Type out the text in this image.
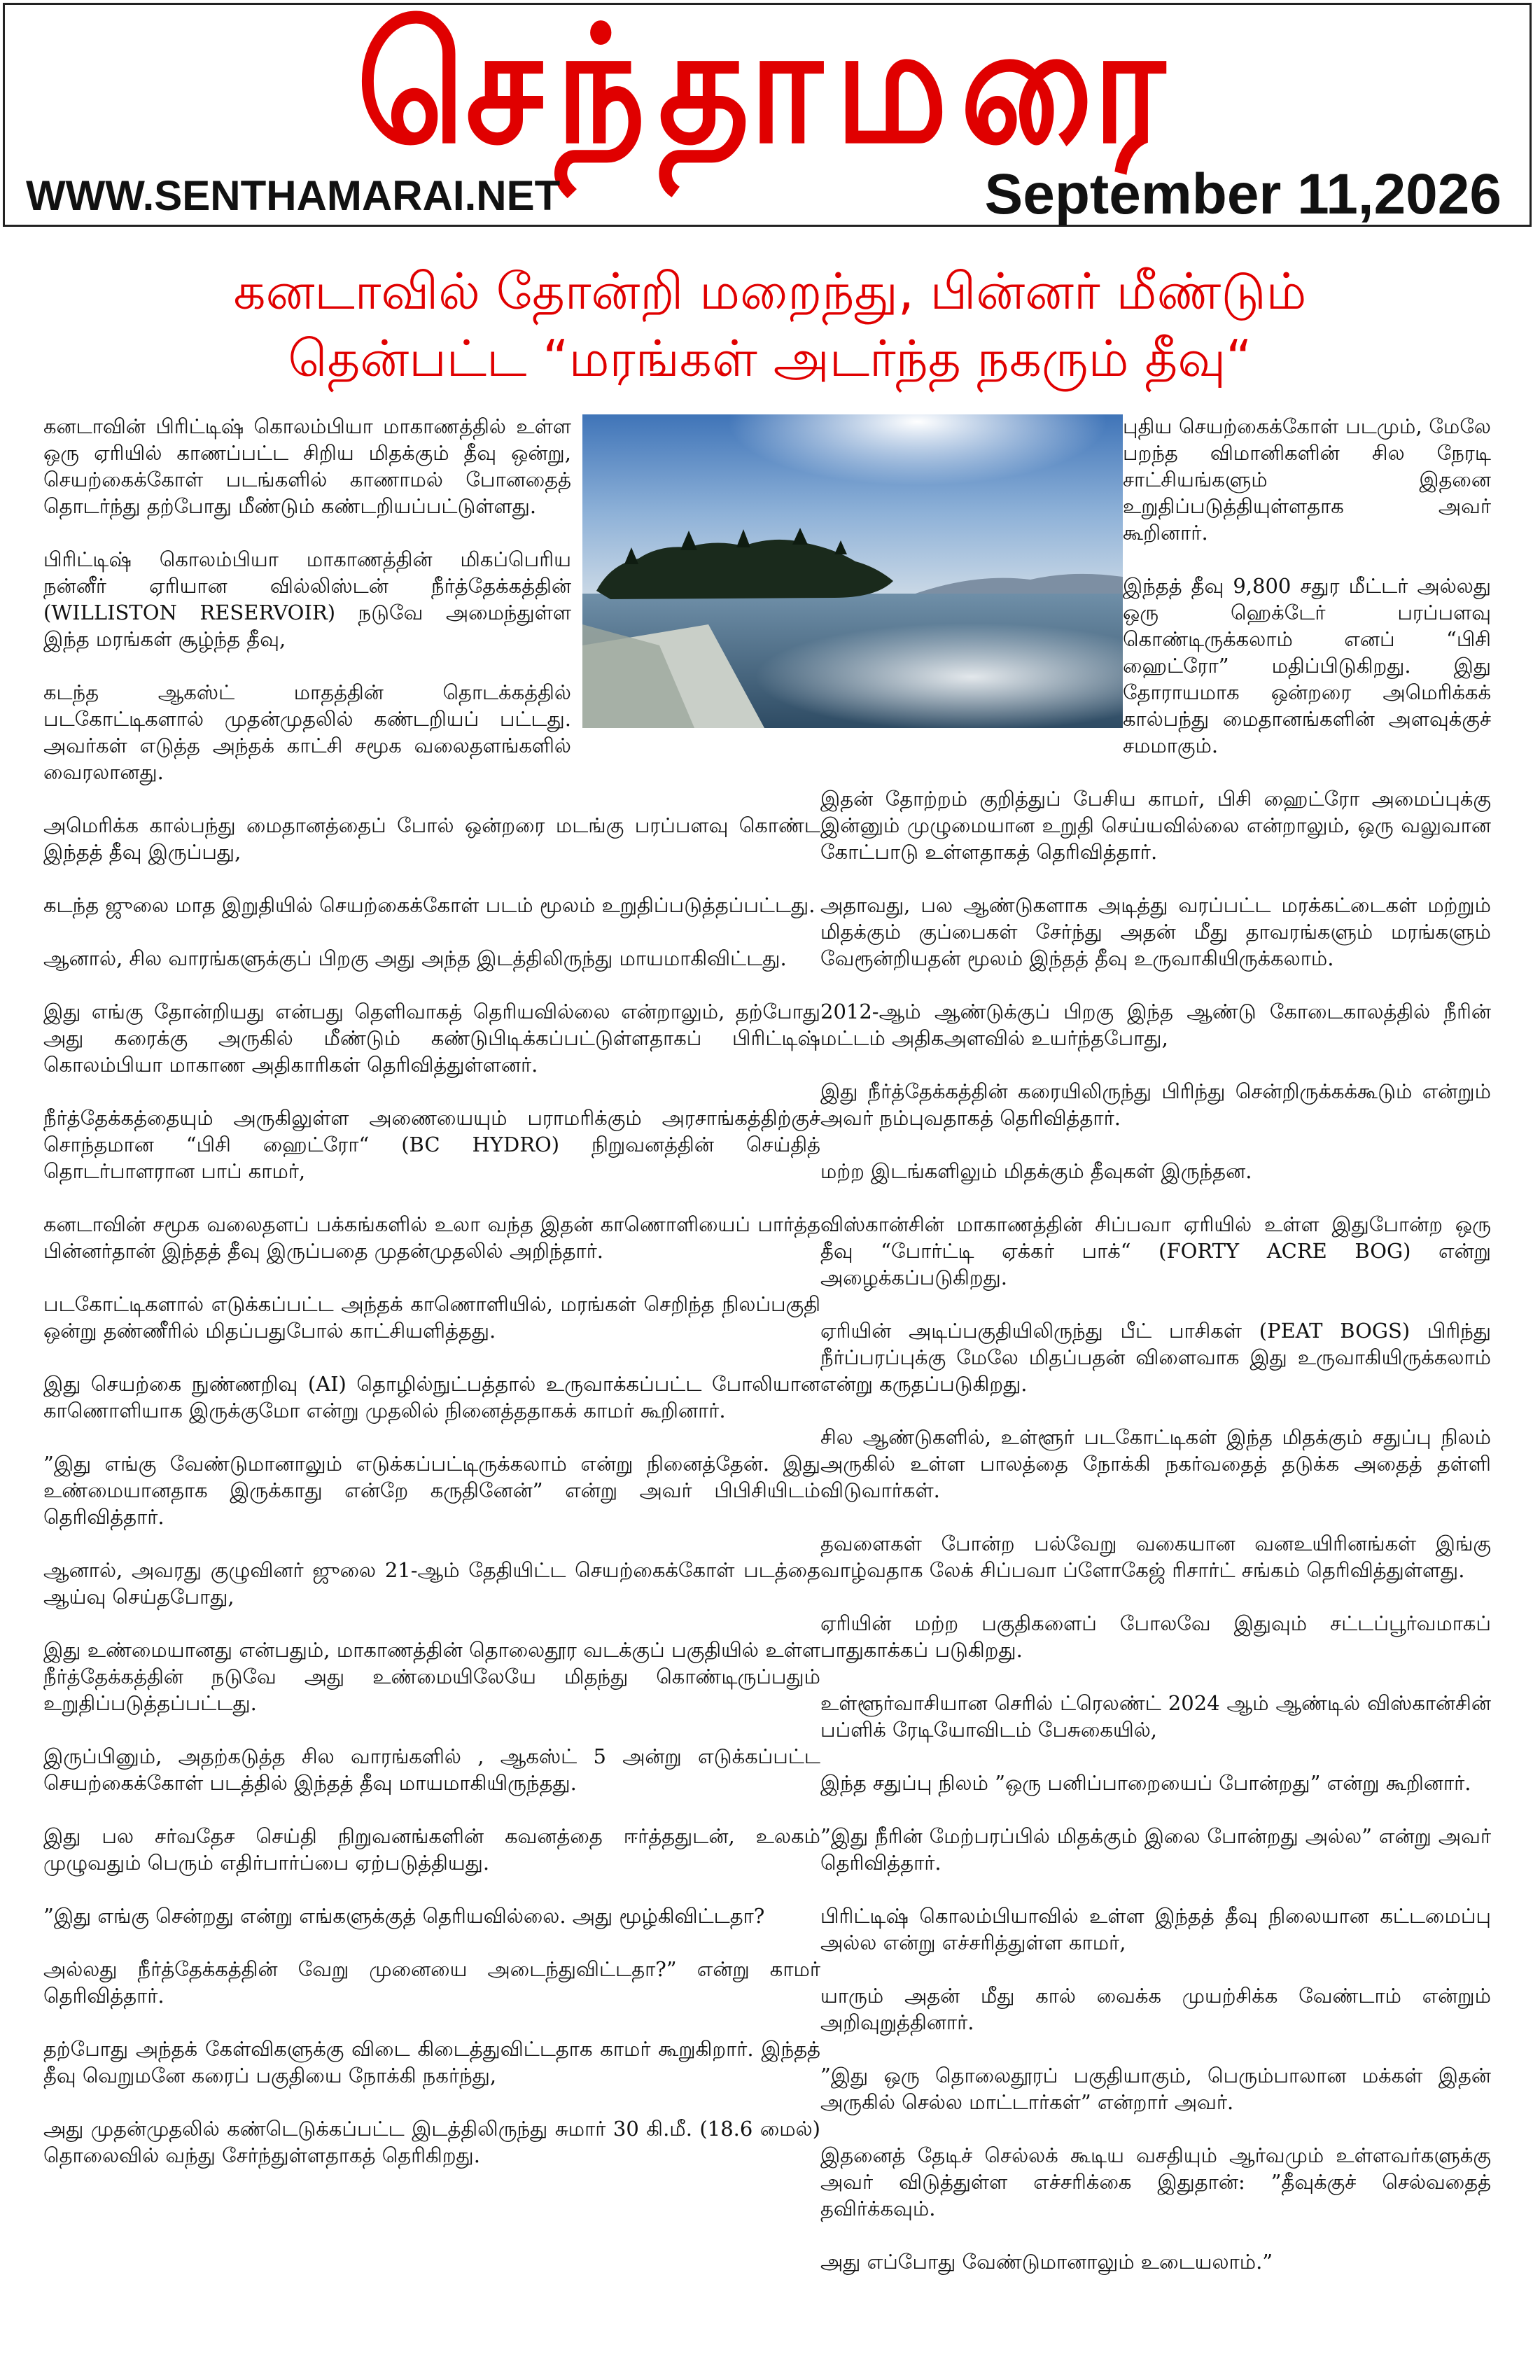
செந்தாமரை
WWW.SENTHAMARAI.NET	September 11,2026
கனடாவில் தோன்றி மறைந்து, பின்னர் மீண்டும்
தென்பட்ட “மரங்கள் அடர்ந்த நகரும் தீவு“

கனடாவின் பிரிட்டிஷ் கொலம்பியா மாகாணத்தில் உள்ள ஒரு ஏரியில் காணப்பட்ட சிறிய மிதக்கும் தீவு ஒன்று, செயற்கைக்கோள் படங்களில் காணாமல் போனதைத் தொடர்ந்து தற்போது மீண்டும் கண்டறியப்பட்டுள்ளது.

பிரிட்டிஷ் கொலம்பியா மாகாணத்தின் மிகப்பெரிய நன்னீர் ஏரியான வில்லிஸ்டன் நீர்த்தேக்கத்தின் (WILLISTON RESERVOIR) நடுவே அமைந்துள்ள இந்த மரங்கள் சூழ்ந்த தீவு,

கடந்த ஆகஸ்ட் மாதத்தின் தொடக்கத்தில் படகோட்டிகளால் முதன்முதலில் கண்டறியப் பட்டது. அவர்கள் எடுத்த அந்தக் காட்சி சமூக வலைதளங்களில் வைரலானது.

அமெரிக்க கால்பந்து மைதானத்தைப் போல் ஒன்றரை மடங்கு பரப்பளவு கொண்ட இந்தத் தீவு இருப்பது,

கடந்த ஜுலை மாத இறுதியில் செயற்கைக்கோள் படம் மூலம் உறுதிப்படுத்தப்பட்டது.

ஆனால், சில வாரங்களுக்குப் பிறகு அது அந்த இடத்திலிருந்து மாயமாகிவிட்டது.

இது எங்கு தோன்றியது என்பது தெளிவாகத் தெரியவில்லை என்றாலும், தற்போது அது கரைக்கு அருகில் மீண்டும் கண்டுபிடிக்கப்பட்டுள்ளதாகப் பிரிட்டிஷ் கொலம்பியா மாகாண அதிகாரிகள் தெரிவித்துள்ளனர்.

நீர்த்தேக்கத்தையும் அருகிலுள்ள அணையையும் பராமரிக்கும் அரசாங்கத்திற்குச் சொந்தமான “பிசி ஹைட்ரோ“ (BC HYDRO) நிறுவனத்தின் செய்தித் தொடர்பாளரான பாப் காமர்,

கனடாவின் சமூக வலைதளப் பக்கங்களில் உலா வந்த இதன் காணொளியைப் பார்த்த பின்னர்தான் இந்தத் தீவு இருப்பதை முதன்முதலில் அறிந்தார்.

படகோட்டிகளால் எடுக்கப்பட்ட அந்தக் காணொளியில், மரங்கள் செறிந்த நிலப்பகுதி ஒன்று தண்ணீரில் மிதப்பதுபோல் காட்சியளித்தது.

இது செயற்கை நுண்ணறிவு (AI) தொழில்நுட்பத்தால் உருவாக்கப்பட்ட போலியான காணொளியாக இருக்குமோ என்று முதலில் நினைத்ததாகக் காமர் கூறினார்.

”இது எங்கு வேண்டுமானாலும் எடுக்கப்பட்டிருக்கலாம் என்று நினைத்தேன். இது உண்மையானதாக இருக்காது என்றே கருதினேன்” என்று அவர் பிபிசியிடம் தெரிவித்தார்.

ஆனால், அவரது குழுவினர் ஜுலை 21-ஆம் தேதியிட்ட செயற்கைக்கோள் படத்தை ஆய்வு செய்தபோது,

இது உண்மையானது என்பதும், மாகாணத்தின் தொலைதூர வடக்குப் பகுதியில் உள்ள நீர்த்தேக்கத்தின் நடுவே அது உண்மையிலேயே மிதந்து கொண்டிருப்பதும் உறுதிப்படுத்தப்பட்டது.

இருப்பினும், அதற்கடுத்த சில வாரங்களில் , ஆகஸ்ட் 5 அன்று எடுக்கப்பட்ட செயற்கைக்கோள் படத்தில் இந்தத் தீவு மாயமாகியிருந்தது.

இது பல சர்வதேச செய்தி நிறுவனங்களின் கவனத்தை ஈர்த்ததுடன், உலகம் முழுவதும் பெரும் எதிர்பார்ப்பை ஏற்படுத்தியது.

”இது எங்கு சென்றது என்று எங்களுக்குத் தெரியவில்லை. அது மூழ்கிவிட்டதா?

அல்லது நீர்த்தேக்கத்தின் வேறு முனையை அடைந்துவிட்டதா?” என்று காமர் தெரிவித்தார்.

தற்போது அந்தக் கேள்விகளுக்கு விடை கிடைத்துவிட்டதாக காமர் கூறுகிறார். இந்தத் தீவு வெறுமனே கரைப் பகுதியை நோக்கி நகர்ந்து,

அது முதன்முதலில் கண்டெடுக்கப்பட்ட இடத்திலிருந்து சுமார் 30 கி.மீ. (18.6 மைல்) தொலைவில் வந்து சேர்ந்துள்ளதாகத் தெரிகிறது.

புதிய செயற்கைக்கோள் படமும், மேலே பறந்த விமானிகளின் சில நேரடி சாட்சியங்களும் இதனை உறுதிப்படுத்தியுள்ளதாக அவர் கூறினார்.

இந்தத் தீவு 9,800 சதுர மீட்டர் அல்லது ஒரு ஹெக்டேர் பரப்பளவு கொண்டிருக்கலாம் எனப் “பிசி ஹைட்ரோ” மதிப்பிடுகிறது. இது தோராயமாக ஒன்றரை அமெரிக்கக் கால்பந்து மைதானங்களின் அளவுக்குச் சமமாகும்.

இதன் தோற்றம் குறித்துப் பேசிய காமர், பிசி ஹைட்ரோ அமைப்புக்கு இன்னும் முழுமையான உறுதி செய்யவில்லை என்றாலும், ஒரு வலுவான கோட்பாடு உள்ளதாகத் தெரிவித்தார்.

அதாவது, பல ஆண்டுகளாக அடித்து வரப்பட்ட மரக்கட்டைகள் மற்றும் மிதக்கும் குப்பைகள் சேர்ந்து அதன் மீது தாவரங்களும் மரங்களும் வேரூன்றியதன் மூலம் இந்தத் தீவு உருவாகியிருக்கலாம்.

2012-ஆம் ஆண்டுக்குப் பிறகு இந்த ஆண்டு கோடைகாலத்தில் நீரின் மட்டம் அதிகஅளவில் உயர்ந்தபோது,

இது நீர்த்தேக்கத்தின் கரையிலிருந்து பிரிந்து சென்றிருக்கக்கூடும் என்றும் அவர் நம்புவதாகத் தெரிவித்தார்.

மற்ற இடங்களிலும் மிதக்கும் தீவுகள் இருந்தன.

விஸ்கான்சின் மாகாணத்தின் சிப்பவா ஏரியில் உள்ள இதுபோன்ற ஒரு தீவு “போர்ட்டி ஏக்கர் பாக்“ (FORTY ACRE BOG) என்று அழைக்கப்படுகிறது.

ஏரியின் அடிப்பகுதியிலிருந்து பீட் பாசிகள் (PEAT BOGS) பிரிந்து நீர்ப்பரப்புக்கு மேலே மிதப்பதன் விளைவாக இது உருவாகியிருக்கலாம் என்று கருதப்படுகிறது.

சில ஆண்டுகளில், உள்ளூர் படகோட்டிகள் இந்த மிதக்கும் சதுப்பு நிலம் அருகில் உள்ள பாலத்தை நோக்கி நகர்வதைத் தடுக்க அதைத் தள்ளி விடுவார்கள்.

தவளைகள் போன்ற பல்வேறு வகையான வனஉயிரினங்கள் இங்கு வாழ்வதாக லேக் சிப்பவா ப்ளோகேஜ் ரிசார்ட் சங்கம் தெரிவித்துள்ளது.

ஏரியின் மற்ற பகுதிகளைப் போலவே இதுவும் சட்டப்பூர்வமாகப் பாதுகாக்கப் படுகிறது.

உள்ளூர்வாசியான செரில் ட்ரெலண்ட் 2024 ஆம் ஆண்டில் விஸ்கான்சின் பப்ளிக் ரேடியோவிடம் பேசுகையில்,

இந்த சதுப்பு நிலம் ”ஒரு பனிப்பாறையைப் போன்றது” என்று கூறினார்.

”இது நீரின் மேற்பரப்பில் மிதக்கும் இலை போன்றது அல்ல” என்று அவர் தெரிவித்தார்.

பிரிட்டிஷ் கொலம்பியாவில் உள்ள இந்தத் தீவு நிலையான கட்டமைப்பு அல்ல என்று எச்சரித்துள்ள காமர்,

யாரும் அதன் மீது கால் வைக்க முயற்சிக்க வேண்டாம் என்றும் அறிவுறுத்தினார்.

”இது ஒரு தொலைதூரப் பகுதியாகும், பெரும்பாலான மக்கள் இதன் அருகில் செல்ல மாட்டார்கள்” என்றார் அவர்.

இதனைத் தேடிச் செல்லக் கூடிய வசதியும் ஆர்வமும் உள்ளவர்களுக்கு அவர் விடுத்துள்ள எச்சரிக்கை இதுதான்: ”தீவுக்குச் செல்வதைத் தவிர்க்கவும்.

அது எப்போது வேண்டுமானாலும் உடையலாம்.”
